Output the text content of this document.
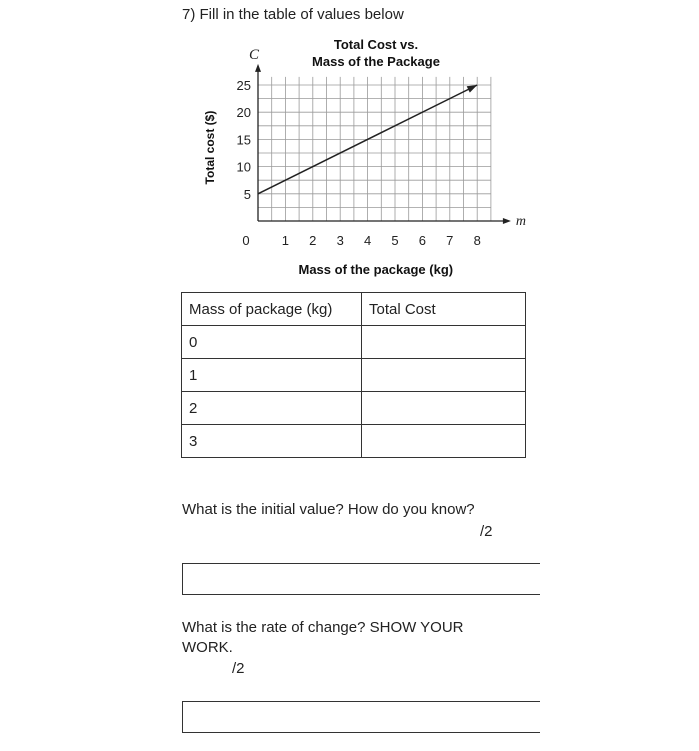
7) Fill in the table of values below
Total Cost vs.
Mass of the Package
0 1 2 3 4 5 6 7 8
5
10
15
20
25
C
m
Mass of the package (kg)
Total cost ($)
Mass of package (kg)	Total Cost
0	
1	
2	
3	
What is the initial value? How do you know?
/2
What is the rate of change? SHOW YOUR WORK.
/2
